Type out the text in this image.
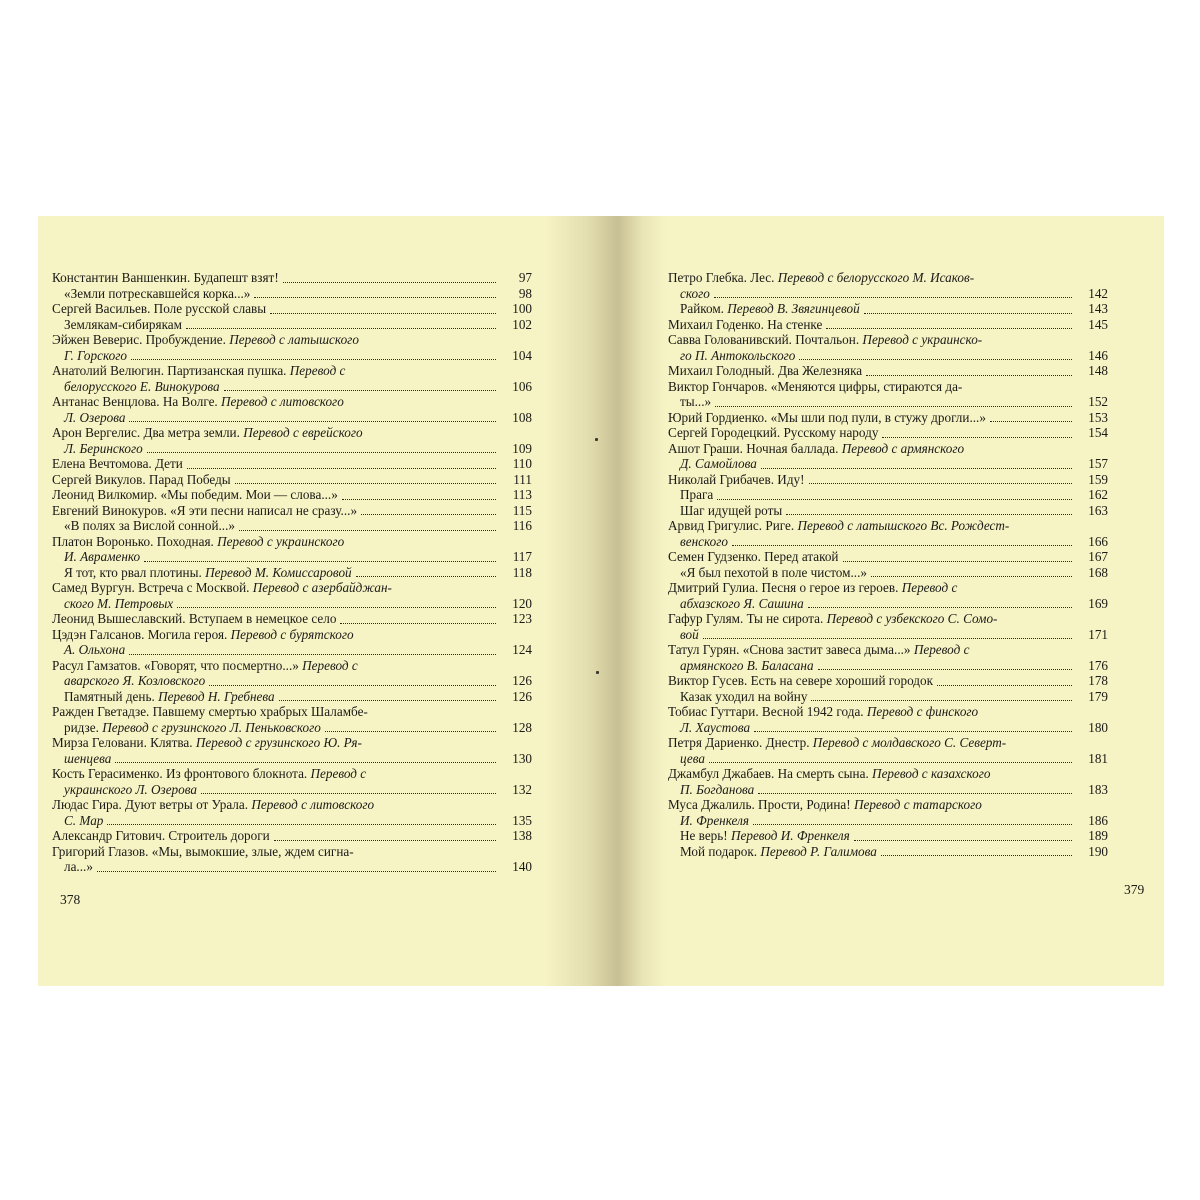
Константин Ваншенкин. Будапешт взят!	97
«Земли потрескавшейся корка...»	98
Сергей Васильев. Поле русской славы	100
Землякам-сибирякам	102
Эйжен Веверис. Пробуждение. Перевод с латышского
Г. Горского	104
Анатолий Велюгин. Партизанская пушка. Перевод с
белорусского Е. Винокурова	106
Антанас Венцлова. На Волге. Перевод с литовского
Л. Озерова	108
Арон Вергелис. Два метра земли. Перевод с еврейского
Л. Беринского	109
Елена Вечтомова. Дети	110
Сергей Викулов. Парад Победы	111
Леонид Вилкомир. «Мы победим. Мои — слова...»	113
Евгений Винокуров. «Я эти песни написал не сразу...»	115
«В полях за Вислой сонной...»	116
Платон Воронько. Походная. Перевод с украинского
И. Авраменко	117
Я тот, кто рвал плотины. Перевод М. Комиссаровой	118
Самед Вургун. Встреча с Москвой. Перевод с азербайджан-
ского М. Петровых	120
Леонид Вышеславский. Вступаем в немецкое село	123
Цэдэн Галсанов. Могила героя. Перевод с бурятского
А. Ольхона	124
Расул Гамзатов. «Говорят, что посмертно...» Перевод с
аварского Я. Козловского	126
Памятный день. Перевод Н. Гребнева	126
Ражден Гветадзе. Павшему смертью храбрых Шаламбе-
ридзе. Перевод с грузинского Л. Пеньковского	128
Мирза Геловани. Клятва. Перевод с грузинского Ю. Ря-
шенцева	130
Кость Герасименко. Из фронтового блокнота. Перевод с
украинского Л. Озерова	132
Людас Гира. Дуют ветры от Урала. Перевод с литовского
С. Мар	135
Александр Гитович. Строитель дороги	138
Григорий Глазов. «Мы, вымокшие, злые, ждем сигна-
ла...»	140
378
Петро Глебка. Лес. Перевод с белорусского М. Исаков-
ского	142
Райком. Перевод В. Звягинцевой	143
Михаил Годенко. На стенке	145
Савва Голованивский. Почтальон. Перевод с украинско-
го П. Антокольского	146
Михаил Голодный. Два Железняка	148
Виктор Гончаров. «Меняются цифры, стираются да-
ты...»	152
Юрий Гордиенко. «Мы шли под пули, в стужу дрогли...»	153
Сергей Городецкий. Русскому народу	154
Ашот Граши. Ночная баллада. Перевод с армянского
Д. Самойлова	157
Николай Грибачев. Иду!	159
Прага	162
Шаг идущей роты	163
Арвид Григулис. Риге. Перевод с латышского Вс. Рождест-
венского	166
Семен Гудзенко. Перед атакой	167
«Я был пехотой в поле чистом...»	168
Дмитрий Гулиа. Песня о герое из героев. Перевод с
абхазского Я. Сашина	169
Гафур Гулям. Ты не сирота. Перевод с узбекского С. Сомо-
вой	171
Татул Гурян. «Снова застит завеса дыма...» Перевод с
армянского В. Баласана	176
Виктор Гусев. Есть на севере хороший городок	178
Казак уходил на войну	179
Тобиас Гуттари. Весной 1942 года. Перевод с финского
Л. Хаустова	180
Петря Дариенко. Днестр. Перевод с молдавского С. Северт-
цева	181
Джамбул Джабаев. На смерть сына. Перевод с казахского
П. Богданова	183
Муса Джалиль. Прости, Родина! Перевод с татарского
И. Френкеля	186
Не верь! Перевод И. Френкеля	189
Мой подарок. Перевод Р. Галимова	190
379
